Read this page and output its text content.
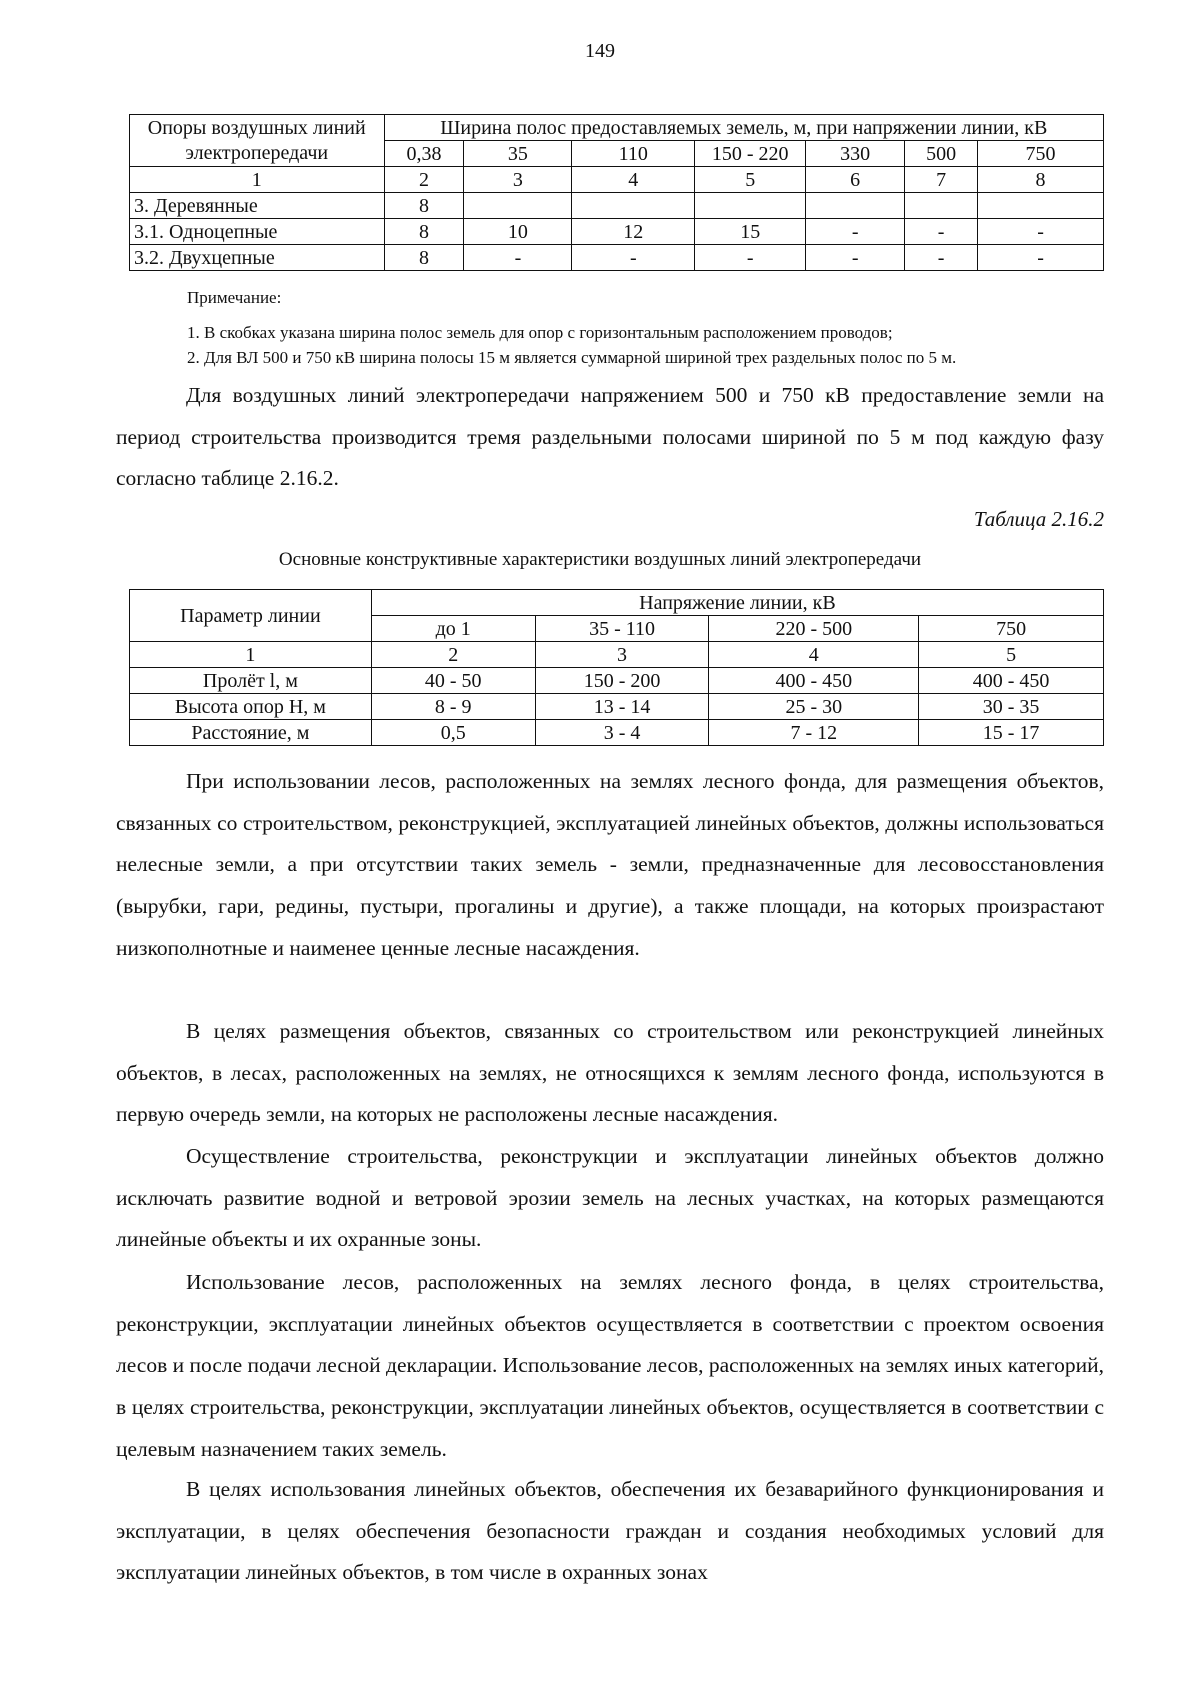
149
Опоры воздушных линий электропередачи	Ширина полос предоставляемых земель, м, при напряжении линии, кВ						
	0,38	35	110	150 - 220	330	500	750
1	2	3	4	5	6	7	8
3. Деревянные	8						
3.1. Одноцепные	8	10	12	15	-	-	-
3.2. Двухцепные	8	-	-	-	-	-	-
Примечание:
1. В скобках указана ширина полос земель для опор с горизонтальным расположением проводов;
2. Для ВЛ 500 и 750 кВ ширина полосы 15 м является суммарной шириной трех раздельных полос по 5 м.

Для воздушных линий электропередачи напряжением 500 и 750 кВ предоставление земли на период строительства производится тремя раздельными полосами шириной по 5 м под каждую фазу согласно таблице 2.16.2.

Таблица 2.16.2
Основные конструктивные характеристики воздушных линий электропередачи
Параметр линии	Напряжение линии, кВ			
	до 1	35 - 110	220 - 500	750
1	2	3	4	5
Пролёт l, м	40 - 50	150 - 200	400 - 450	400 - 450
Высота опор Н, м	8 - 9	13 - 14	25 - 30	30 - 35
Расстояние, м	0,5	3 - 4	7 - 12	15 - 17

При использовании лесов, расположенных на землях лесного фонда, для размещения объектов, связанных со строительством, реконструкцией, эксплуатацией линейных объектов, должны использоваться нелесные земли, а при отсутствии таких земель - земли, предназначенные для лесовосстановления (вырубки, гари, редины, пустыри, прогалины и другие), а также площади, на которых произрастают низкополнотные и наименее ценные лесные насаждения.

В целях размещения объектов, связанных со строительством или реконструкцией линейных объектов, в лесах, расположенных на землях, не относящихся к землям лесного фонда, используются в первую очередь земли, на которых не расположены лесные насаждения.

Осуществление строительства, реконструкции и эксплуатации линейных объектов должно исключать развитие водной и ветровой эрозии земель на лесных участках, на которых размещаются линейные объекты и их охранные зоны.

Использование лесов, расположенных на землях лесного фонда, в целях строительства, реконструкции, эксплуатации линейных объектов осуществляется в соответствии с проектом освоения лесов и после подачи лесной декларации. Использование лесов, расположенных на землях иных категорий, в целях строительства, реконструкции, эксплуатации линейных объектов, осуществляется в соответствии с целевым назначением таких земель.

В целях использования линейных объектов, обеспечения их безаварийного функционирования и эксплуатации, в целях обеспечения безопасности граждан и создания необходимых условий для эксплуатации линейных объектов, в том числе в охранных зонах
